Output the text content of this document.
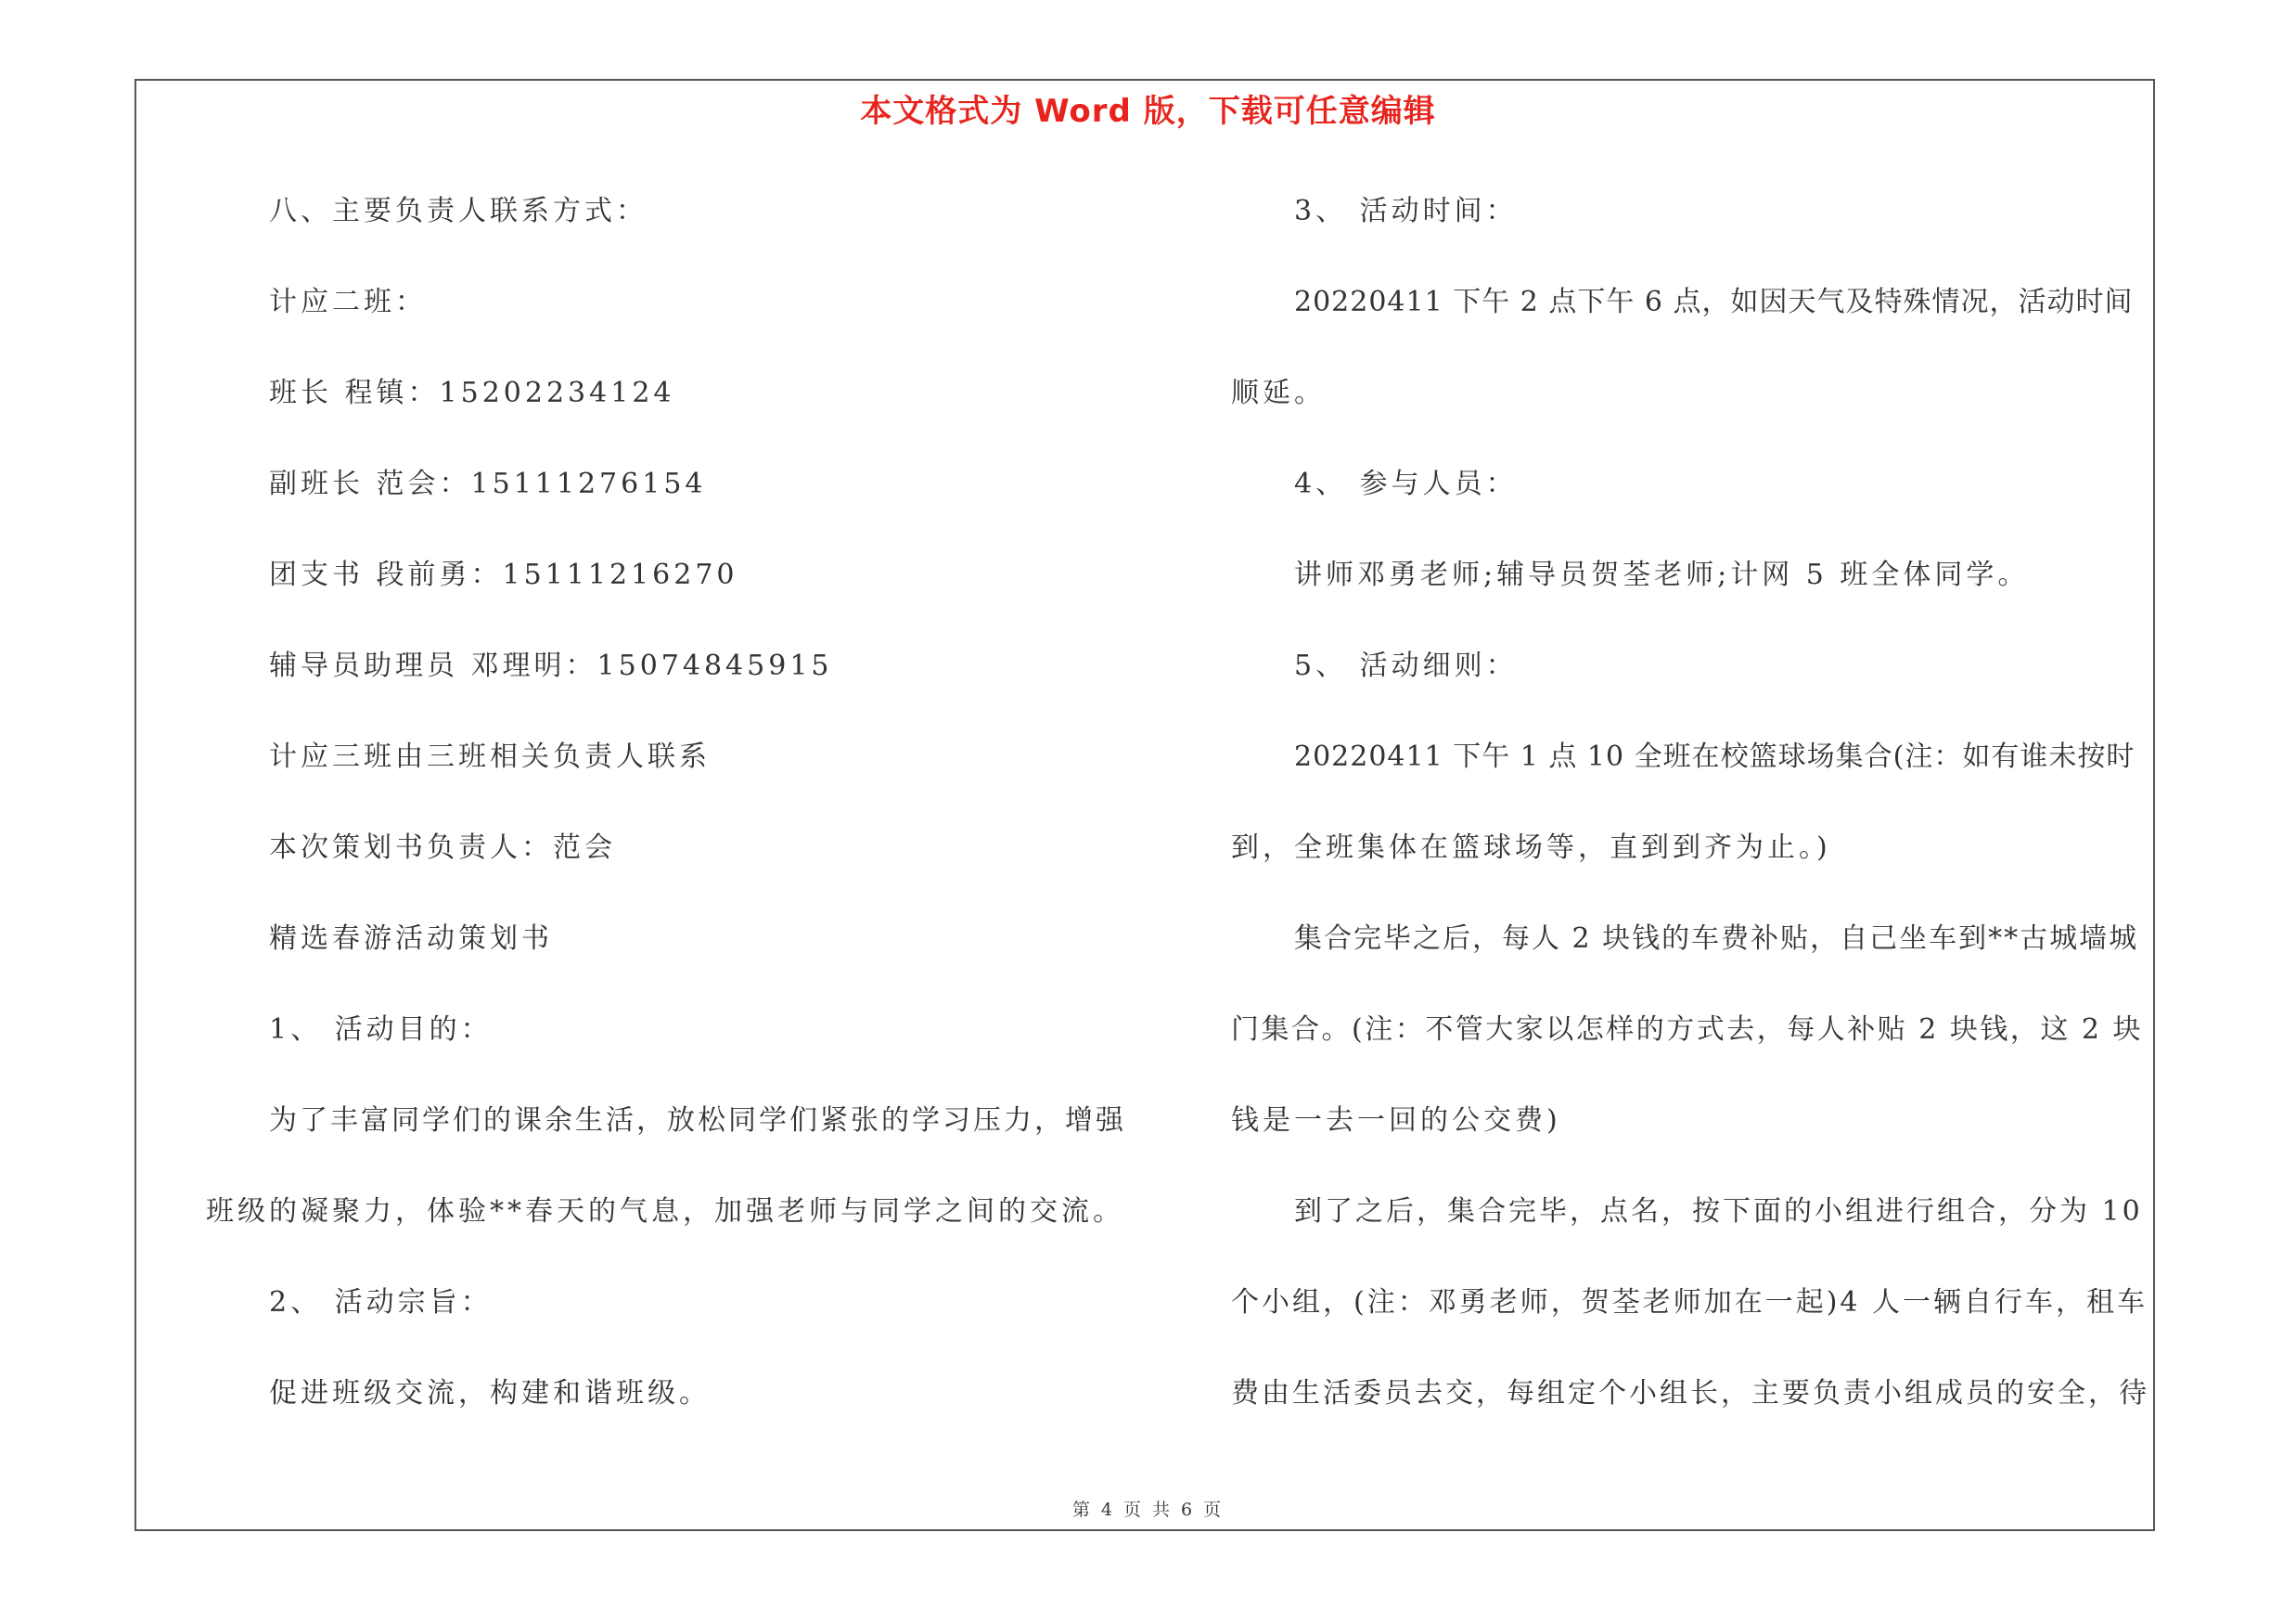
本文格式为 Word 版，下载可任意编辑
八、主要负责人联系方式：
计应二班：
班长 程镇：15202234124
副班长 范会：15111276154
团支书 段前勇：15111216270
辅导员助理员 邓理明：15074845915
计应三班由三班相关负责人联系
本次策划书负责人：范会
精选春游活动策划书
1、 活动目的：
为了丰富同学们的课余生活，放松同学们紧张的学习压力，增强
班级的凝聚力，体验**春天的气息，加强老师与同学之间的交流。
2、 活动宗旨：
促进班级交流，构建和谐班级。
3、 活动时间：
20220411 下午 2 点下午 6 点，如因天气及特殊情况，活动时间
顺延。
4、 参与人员：
讲师邓勇老师;辅导员贺荃老师;计网 5 班全体同学。
5、 活动细则：
20220411 下午 1 点 10 全班在校篮球场集合(注：如有谁未按时
到，全班集体在篮球场等，直到到齐为止。)
集合完毕之后，每人 2 块钱的车费补贴，自己坐车到**古城墙城
门集合。(注：不管大家以怎样的方式去，每人补贴 2 块钱，这 2 块
钱是一去一回的公交费)
到了之后，集合完毕，点名，按下面的小组进行组合，分为 10
个小组，(注：邓勇老师，贺荃老师加在一起)4 人一辆自行车，租车
费由生活委员去交，每组定个小组长，主要负责小组成员的安全，待
第 4 页 共 6 页
